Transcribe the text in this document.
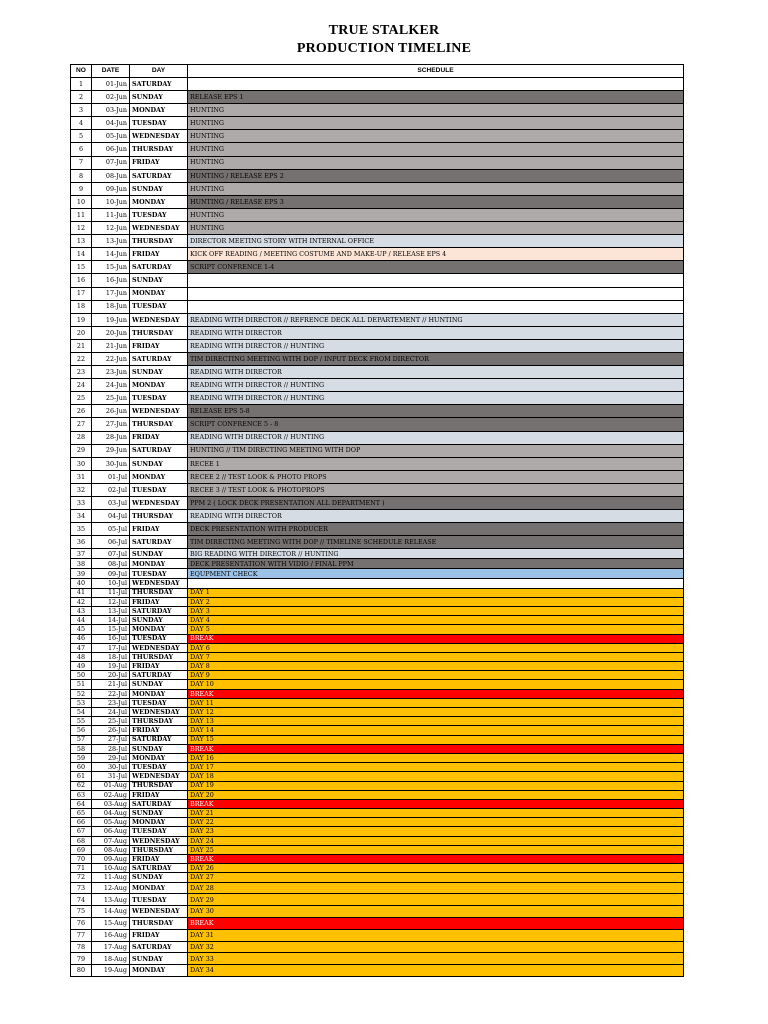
TRUE STALKER
PRODUCTION TIMELINE
NO	DATE	DAY	SCHEDULE
1	01-Jun	SATURDAY	
2	02-Jun	SUNDAY	RELEASE EPS 1
3	03-Jun	MONDAY	HUNTING
4	04-Jun	TUESDAY	HUNTING
5	05-Jun	WEDNESDAY	HUNTING
6	06-Jun	THURSDAY	HUNTING
7	07-Jun	FRIDAY	HUNTING
8	08-Jun	SATURDAY	HUNTING / RELEASE EPS 2
9	09-Jun	SUNDAY	HUNTING
10	10-Jun	MONDAY	HUNTING / RELEASE EPS 3
11	11-Jun	TUESDAY	HUNTING
12	12-Jun	WEDNESDAY	HUNTING
13	13-Jun	THURSDAY	DIRECTOR MEETING STORY WITH INTERNAL OFFICE
14	14-Jun	FRIDAY	KICK OFF READING / MEETING COSTUME AND MAKE-UP / RELEASE EPS 4
15	15-Jun	SATURDAY	SCRIPT CONFRENCE 1-4
16	16-Jun	SUNDAY	
17	17-Jun	MONDAY	
18	18-Jun	TUESDAY	
19	19-Jun	WEDNESDAY	READING WITH DIRECTOR // REFRENCE DECK ALL DEPARTEMENT // HUNTING
20	20-Jun	THURSDAY	READING WITH DIRECTOR
21	21-Jun	FRIDAY	READING WITH DIRECTOR // HUNTING
22	22-Jun	SATURDAY	TIM DIRECTING MEETING WITH DOP / INPUT DECK FROM DIRECTOR
23	23-Jun	SUNDAY	READING WITH DIRECTOR
24	24-Jun	MONDAY	READING WITH DIRECTOR // HUNTING
25	25-Jun	TUESDAY	READING WITH DIRECTOR // HUNTING
26	26-Jun	WEDNESDAY	RELEASE EPS 5-8
27	27-Jun	THURSDAY	SCRIPT CONFRENCE 5 - 8
28	28-Jun	FRIDAY	READING WITH DIRECTOR // HUNTING
29	29-Jun	SATURDAY	HUNTING // TIM DIRECTING MEETING WITH DOP
30	30-Jun	SUNDAY	RECEE 1
31	01-Jul	MONDAY	RECEE 2 // TEST LOOK & PHOTO PROPS
32	02-Jul	TUESDAY	RECEE 3 // TEST LOOK & PHOTOPROPS
33	03-Jul	WEDNESDAY	PPM 2 ( LOCK DECK PRESENTATION ALL DEPARTMENT )
34	04-Jul	THURSDAY	READING WITH DIRECTOR
35	05-Jul	FRIDAY	DECK PRESENTATION WITH PRODUCER
36	06-Jul	SATURDAY	TIM DIRECTING MEETING WITH DOP // TIMELINE SCHEDULE RELEASE
37	07-Jul	SUNDAY	BIG READING WITH DIRECTOR // HUNTING
38	08-Jul	MONDAY	DECK PRESENTATION WITH VIDIO / FINAL PPM
39	09-Jul	TUESDAY	EQUPMENT CHECK
40	10-Jul	WEDNESDAY	
41	11-Jul	THURSDAY	DAY 1
42	12-Jul	FRIDAY	DAY 2
43	13-Jul	SATURDAY	DAY 3
44	14-Jul	SUNDAY	DAY 4
45	15-Jul	MONDAY	DAY 5
46	16-Jul	TUESDAY	BREAK
47	17-Jul	WEDNESDAY	DAY 6
48	18-Jul	THURSDAY	DAY 7
49	19-Jul	FRIDAY	DAY 8
50	20-Jul	SATURDAY	DAY 9
51	21-Jul	SUNDAY	DAY 10
52	22-Jul	MONDAY	BREAK
53	23-Jul	TUESDAY	DAY 11
54	24-Jul	WEDNESDAY	DAY 12
55	25-Jul	THURSDAY	DAY 13
56	26-Jul	FRIDAY	DAY 14
57	27-Jul	SATURDAY	DAY 15
58	28-Jul	SUNDAY	BREAK
59	29-Jul	MONDAY	DAY 16
60	30-Jul	TUESDAY	DAY 17
61	31-Jul	WEDNESDAY	DAY 18
62	01-Aug	THURSDAY	DAY 19
63	02-Aug	FRIDAY	DAY 20
64	03-Aug	SATURDAY	BREAK
65	04-Aug	SUNDAY	DAY 21
66	05-Aug	MONDAY	DAY 22
67	06-Aug	TUESDAY	DAY 23
68	07-Aug	WEDNESDAY	DAY 24
69	08-Aug	THURSDAY	DAY 25
70	09-Aug	FRIDAY	BREAK
71	10-Aug	SATURDAY	DAY 26
72	11-Aug	SUNDAY	DAY 27
73	12-Aug	MONDAY	DAY 28
74	13-Aug	TUESDAY	DAY 29
75	14-Aug	WEDNESDAY	DAY 30
76	15-Aug	THURSDAY	BREAK
77	16-Aug	FRIDAY	DAY 31
78	17-Aug	SATURDAY	DAY 32
79	18-Aug	SUNDAY	DAY 33
80	19-Aug	MONDAY	DAY 34
